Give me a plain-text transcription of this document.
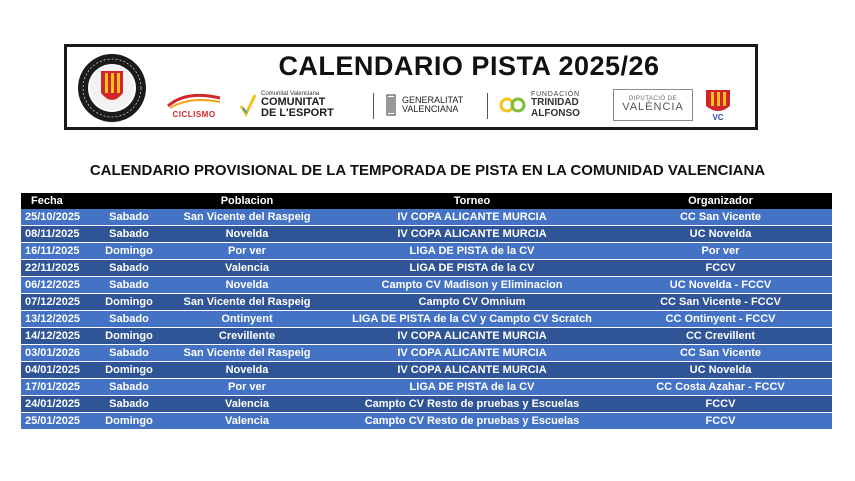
CALENDARIO PISTA 2025/26
CICLISMO
Comunitat Valenciana
COMUNITAT
DE L'ESPORT
GENERALITAT
VALENCIANA
FUNDACIÓN
TRINIDAD
ALFONSO
DIPUTACIÓ DE
VALÈNCIA
VC
CALENDARIO PROVISIONAL DE LA TEMPORADA DE PISTA EN LA COMUNIDAD VALENCIANA
Fecha		Poblacion	Torneo	Organizador
25/10/2025	Sabado	San Vicente del Raspeig	IV COPA ALICANTE MURCIA	CC San Vicente
08/11/2025	Sabado	Novelda	IV COPA ALICANTE MURCIA	UC Novelda
16/11/2025	Domingo	Por ver	LIGA DE PISTA de la CV	Por ver
22/11/2025	Sabado	Valencia	LIGA DE PISTA de la CV	FCCV
06/12/2025	Sabado	Novelda	Campto CV Madison y Eliminacion	UC Novelda - FCCV
07/12/2025	Domingo	San Vicente del Raspeig	Campto CV Omnium	CC San Vicente - FCCV
13/12/2025	Sabado	Ontinyent	LIGA DE PISTA de la CV y Campto CV Scratch	CC Ontinyent - FCCV
14/12/2025	Domingo	Crevillente	IV COPA ALICANTE MURCIA	CC Crevillent
03/01/2026	Sabado	San Vicente del Raspeig	IV COPA ALICANTE MURCIA	CC San Vicente
04/01/2025	Domingo	Novelda	IV COPA ALICANTE MURCIA	UC Novelda
17/01/2025	Sabado	Por ver	LIGA DE PISTA de la CV	CC Costa Azahar - FCCV
24/01/2025	Sabado	Valencia	Campto CV Resto de pruebas y Escuelas	FCCV
25/01/2025	Domingo	Valencia	Campto CV Resto de pruebas y Escuelas	FCCV
